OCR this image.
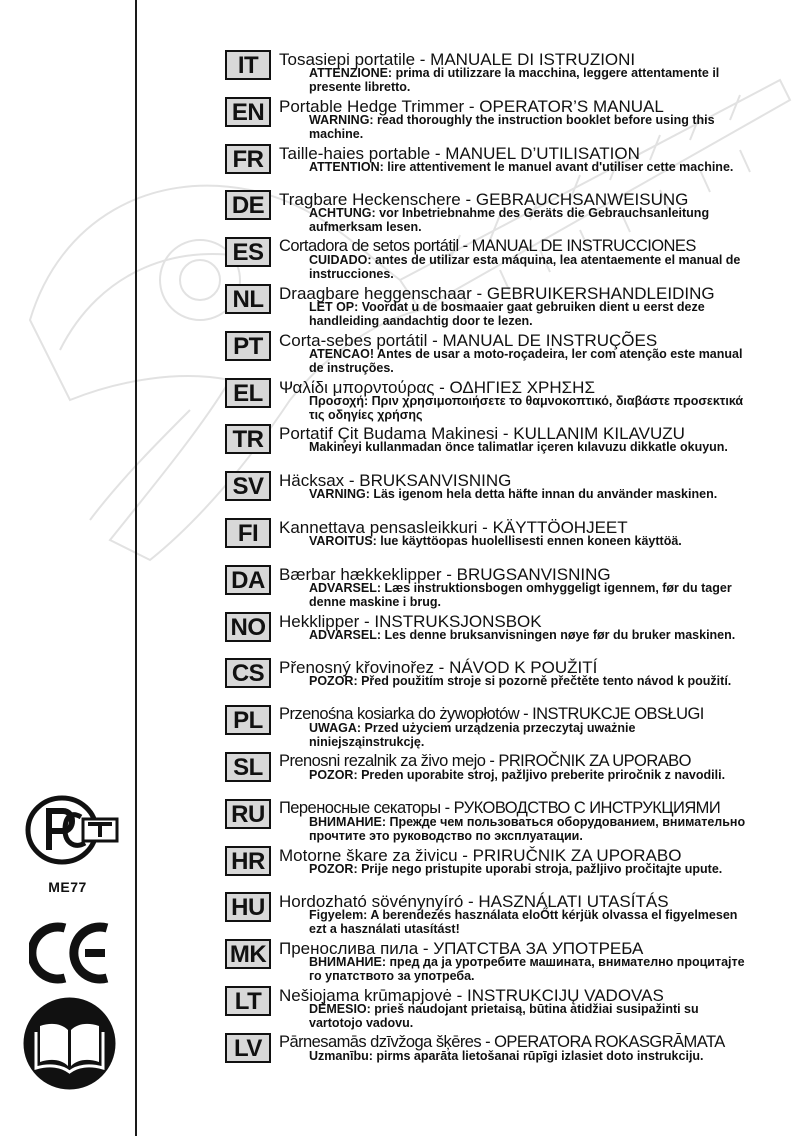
ME77
IT	Tosasiepi portatile - MANUALE DI ISTRUZIONI
ATTENZIONE: prima di utilizzare la macchina, leggere attentamente il presente libretto.
EN Portable Hedge Trimmer - OPERATOR’S MANUAL
WARNING: read thoroughly the instruction booklet before using this machine.
FR Taille-haies portable - MANUEL D’UTILISATION
ATTENTION: lire attentivement le manuel avant d'utiliser cette machine.
DE Tragbare Heckenschere - GEBRAUCHSANWEISUNG
ACHTUNG: vor Inbetriebnahme des Geräts die Gebrauchsanleitung aufmerksam lesen.
ES Cortadora de setos portátil - MANUAL DE INSTRUCCIONES
CUIDADO: antes de utilizar esta máquina, lea atentaemente el manual de instrucciones.
NL Draagbare heggenschaar - GEBRUIKERSHANDLEIDING
LET OP: Voordat u de bosmaaier gaat gebruiken dient u eerst deze handleiding aandachtig door te lezen.
PT Corta-sebes portátil - MANUAL DE INSTRUÇÕES
ATENCAO! Antes de usar a moto-roçadeira, ler com atenção este manual de instruções.
EL Ψαλίδι μπορντούρας - ΟΔΗΓΙΕΣ ΧΡΗΣΗΣ
Προσοχή: Πριν χρησιμοποιήσετε το θαμνοκοπτικό, διαβάστε προσεκτικά τις οδηγίες χρήσης
TR Portatif Çit Budama Makinesi - KULLANIM KILAVUZU
Makineyi kullanmadan önce talimatlar içeren kılavuzu dikkatle okuyun.
SV Häcksax - BRUKSANVISNING
VARNING: Läs igenom hela detta häfte innan du använder maskinen.
FI	Kannettava pensasleikkuri - KÄYTTÖOHJEET
VAROITUS: lue käyttöopas huolellisesti ennen koneen käyttöä.
DA Bærbar hækkeklipper - BRUGSANVISNING
ADVARSEL: Læs instruktionsbogen omhyggeligt igennem, før du tager denne maskine i brug.
NO Hekklipper - INSTRUKSJONSBOK
ADVARSEL: Les denne bruksanvisningen nøye før du bruker maskinen.
CS Přenosný křovinořez - NÁVOD K POUŽITÍ
POZOR: Před použitím stroje si pozorně přečtěte tento návod k použití.
PL Przenośna kosiarka do żywopłotów - INSTRUKCJE OBSŁUGI
UWAGA: Przed użyciem urządzenia przeczytaj uważnie niniejsząinstrukcję.
SL Prenosni rezalnik za živo mejo - PRIROČNIK ZA UPORABO
POZOR: Preden uporabite stroj, pažljivo preberite priročnik z navodili.
RU Переносные секаторы - РУКОВОДСТВО С ИНСТРУКЦИЯМИ
ВНИМАНИЕ: Прежде чем пользоваться оборудованием, внимательно прочтите это руководство по эксплуатации.
HR Motorne škare za živicu - PRIRUČNIK ZA UPORABO
POZOR: Prije nego pristupite uporabi stroja, pažljivo pročitajte upute.
HU Hordozható sövénynyíró - HASZNÁLATI UTASÍTÁS
Figyelem: A berendezés használata eloŐtt kérjük olvassa el figyelmesen ezt a használati utasítást!
MK Преносливa пила - УПАТСТВА ЗА УПОТРЕБА
ВНИМАНИЕ: пред да ја уротребите машината, внимателно процитајте го упатството за употреба.
LT	Nešiojama krūmapjovė - INSTRUKCIJŲ VADOVAS
DĖMESIO: prieš naudojant prietaisą, būtina atidžiai susipažinti su vartotojo vadovu.
LV	Pārnesamās dzīvžoga šķēres - OPERATORA ROKASGRĀMATA
Uzmanību: pirms aparāta lietošanai rūpīgi izlasiet doto instrukciju.
